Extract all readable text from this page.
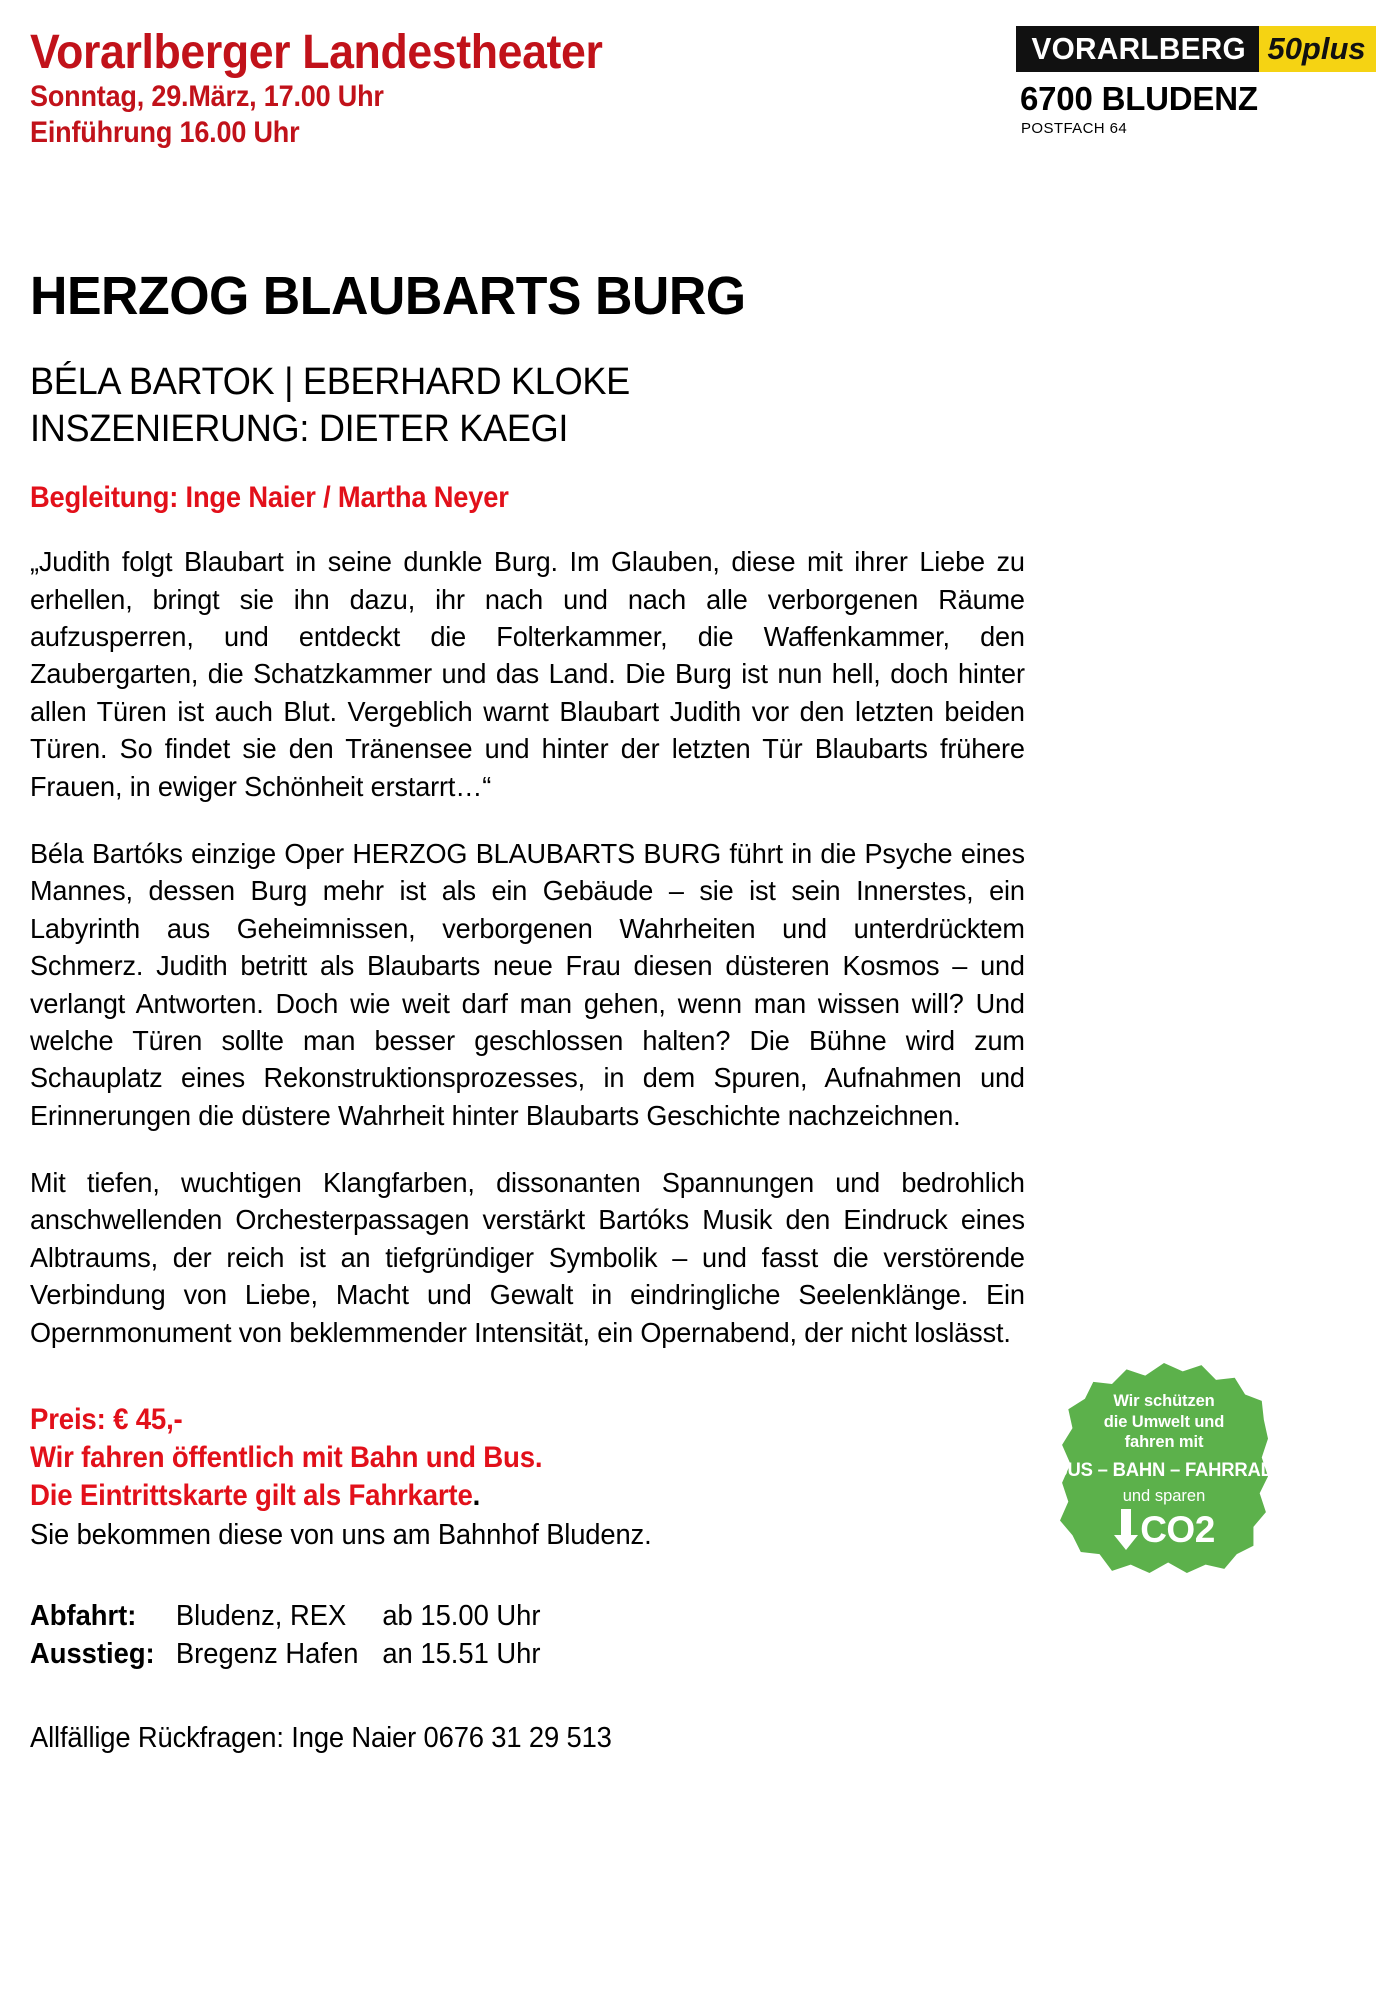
Vorarlberger Landestheater
Sonntag, 29.März, 17.00 Uhr
Einführung 16.00 Uhr
VORARLBERG 50plus
6700 BLUDENZ
POSTFACH 64
HERZOG BLAUBARTS BURG
BÉLA BARTOK | EBERHARD KLOKE
INSZENIERUNG: DIETER KAEGI
Begleitung: Inge Naier / Martha Neyer

„Judith folgt Blaubart in seine dunkle Burg. Im Glauben, diese mit ihrer Liebe zu erhellen, bringt sie ihn dazu, ihr nach und nach alle verborgenen Räume aufzusperren, und entdeckt die Folterkammer, die Waffenkammer, den Zaubergarten, die Schatzkammer und das Land. Die Burg ist nun hell, doch hinter allen Türen ist auch Blut. Vergeblich warnt Blaubart Judith vor den letzten beiden Türen. So findet sie den Tränensee und hinter der letzten Tür Blaubarts frühere Frauen, in ewiger Schönheit erstarrt…“

Béla Bartóks einzige Oper HERZOG BLAUBARTS BURG führt in die Psyche eines Mannes, dessen Burg mehr ist als ein Gebäude – sie ist sein Innerstes, ein Labyrinth aus Geheimnissen, verborgenen Wahrheiten und unterdrücktem Schmerz. Judith betritt als Blaubarts neue Frau diesen düsteren Kosmos – und verlangt Antworten. Doch wie weit darf man gehen, wenn man wissen will? Und welche Türen sollte man besser geschlossen halten? Die Bühne wird zum Schauplatz eines Rekonstruktionsprozesses, in dem Spuren, Aufnahmen und Erinnerungen die düstere Wahrheit hinter Blaubarts Geschichte nachzeichnen.

Mit tiefen, wuchtigen Klangfarben, dissonanten Spannungen und bedrohlich anschwellenden Orchesterpassagen verstärkt Bartóks Musik den Eindruck eines Albtraums, der reich ist an tiefgründiger Symbolik – und fasst die verstörende Verbindung von Liebe, Macht und Gewalt in eindringliche Seelenklänge. Ein Opernmonument von beklemmender Intensität, ein Opernabend, der nicht loslässt.

Wir schützen
die Umwelt und
fahren mit
BUS – BAHN – FAHRRAD
und sparen
CO2
Preis: € 45,-
Wir fahren öffentlich mit Bahn und Bus.
Die Eintrittskarte gilt als Fahrkarte.
Sie bekommen diese von uns am Bahnhof Bludenz.
Abfahrt:	Bludenz, REX	ab 15.00 Uhr
Ausstieg: Bregenz Hafen an 15.51 Uhr
Allfällige Rückfragen: Inge Naier 0676 31 29 513
